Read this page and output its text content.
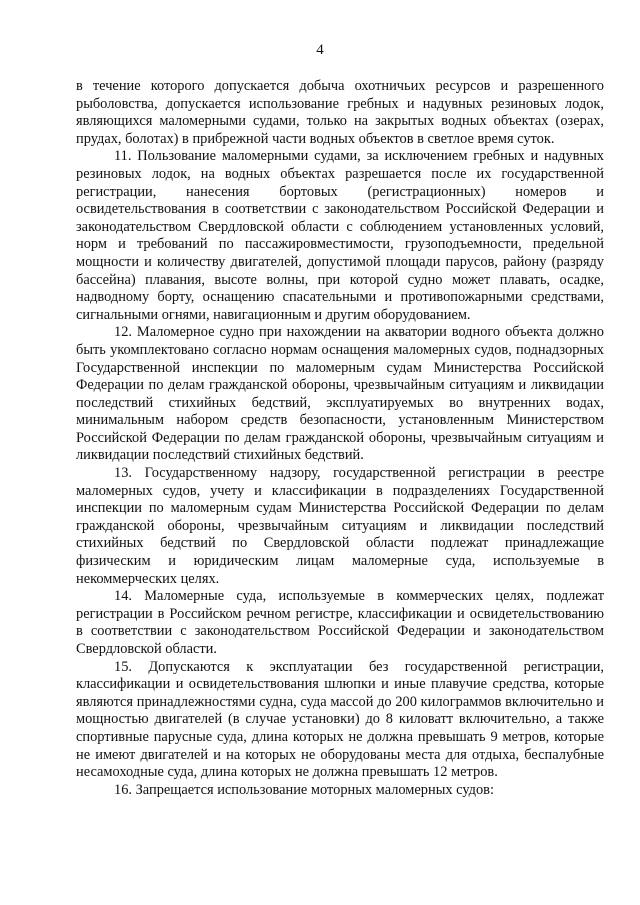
4

в течение которого допускается добыча охотничьих ресурсов и разрешенного рыболовства, допускается использование гребных и надувных резиновых лодок, являющихся маломерными судами, только на закрытых водных объектах (озерах, прудах, болотах) в прибрежной части водных объектов в светлое время суток.

11. Пользование маломерными судами, за исключением гребных и надувных резиновых лодок, на водных объектах разрешается после их государственной регистрации, нанесения бортовых (регистрационных) номеров и освидетельствования в соответствии с законодательством Российской Федерации и законодательством Свердловской области с соблюдением установленных условий, норм и требований по пассажировместимости, грузоподъемности, предельной мощности и количеству двигателей, допустимой площади парусов, району (разряду бассейна) плавания, высоте волны, при которой судно может плавать, осадке, надводному борту, оснащению спасательными и противопожарными средствами, сигнальными огнями, навигационным и другим оборудованием.

12. Маломерное судно при нахождении на акватории водного объекта должно быть укомплектовано согласно нормам оснащения маломерных судов, поднадзорных Государственной инспекции по маломерным судам Министерства Российской Федерации по делам гражданской обороны, чрезвычайным ситуациям и ликвидации последствий стихийных бедствий, эксплуатируемых во внутренних водах, минимальным набором средств безопасности, установленным Министерством Российской Федерации по делам гражданской обороны, чрезвычайным ситуациям и ликвидации последствий стихийных бедствий.

13. Государственному надзору, государственной регистрации в реестре маломерных судов, учету и классификации в подразделениях Государственной инспекции по маломерным судам Министерства Российской Федерации по делам гражданской обороны, чрезвычайным ситуациям и ликвидации последствий стихийных бедствий по Свердловской области подлежат принадлежащие физическим и юридическим лицам маломерные суда, используемые в некоммерческих целях.

14. Маломерные суда, используемые в коммерческих целях, подлежат регистрации в Российском речном регистре, классификации и освидетельствованию в соответствии с законодательством Российской Федерации и законодательством Свердловской области.

15. Допускаются к эксплуатации без государственной регистрации, классификации и освидетельствования шлюпки и иные плавучие средства, которые являются принадлежностями судна, суда массой до 200 килограммов включительно и мощностью двигателей (в случае установки) до 8 киловатт включительно, а также спортивные парусные суда, длина которых не должна превышать 9 метров, которые не имеют двигателей и на которых не оборудованы места для отдыха, беспалубные несамоходные суда, длина которых не должна превышать 12 метров.

16. Запрещается использование моторных маломерных судов:
